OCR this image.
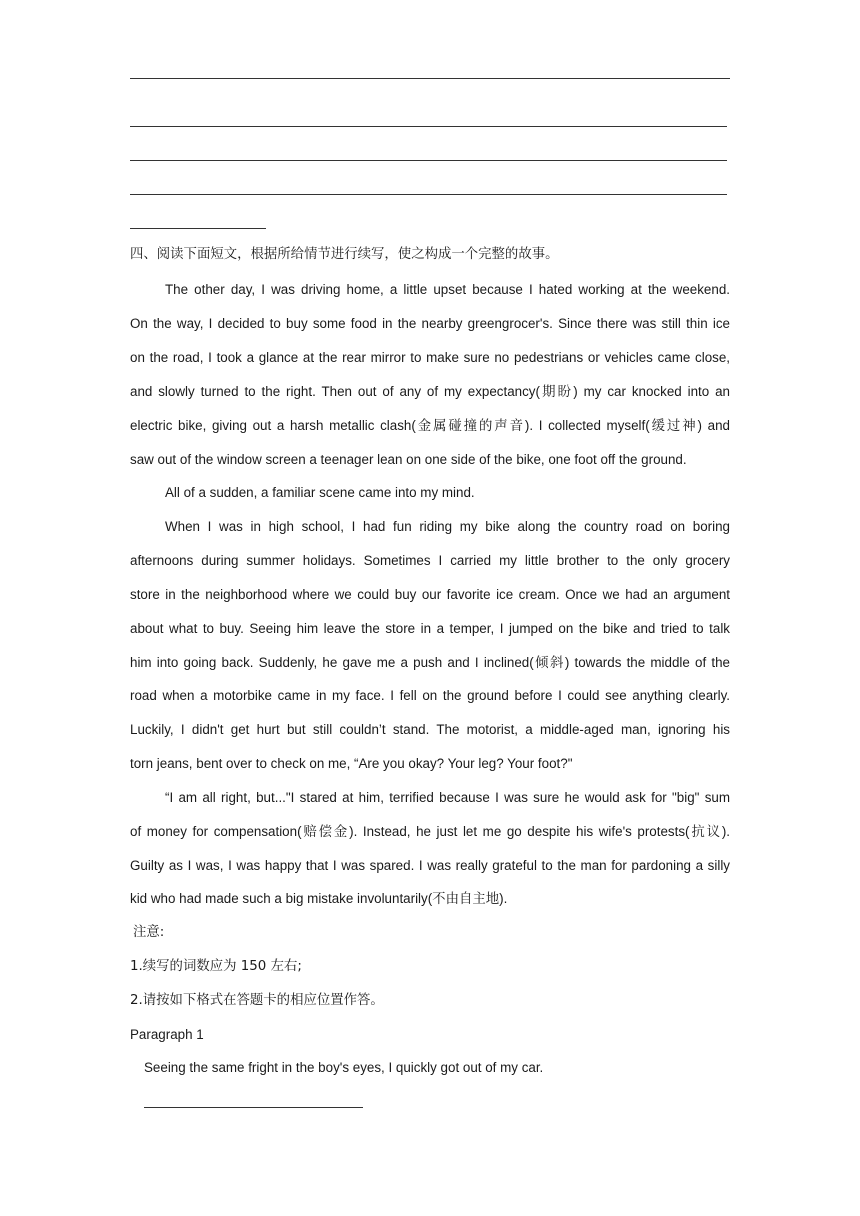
四、阅读下面短文，根据所给情节进行续写，使之构成一个完整的故事。
The other day, I was driving home, a little upset because I hated working at the weekend.
On the way, I decided to buy some food in the nearby greengrocer's. Since there was still thin ice
on the road, I took a glance at the rear mirror to make sure no pedestrians or vehicles came close,
and slowly turned to the right. Then out of any of my expectancy(期盼) my car knocked into an
electric bike, giving out a harsh metallic clash(金属碰撞的声音). I collected myself(缓过神) and
saw out of the window screen a teenager lean on one side of the bike, one foot off the ground.
All of a sudden, a familiar scene came into my mind.
When I was in high school, I had fun riding my bike along the country road on boring
afternoons during summer holidays. Sometimes I carried my little brother to the only grocery
store in the neighborhood where we could buy our favorite ice cream. Once we had an argument
about what to buy. Seeing him leave the store in a temper, I jumped on the bike and tried to talk
him into going back. Suddenly, he gave me a push and I inclined(倾斜) towards the middle of the
road when a motorbike came in my face. I fell on the ground before I could see anything clearly.
Luckily, I didn't get hurt but still couldn’t stand. The motorist, a middle-aged man, ignoring his
torn jeans, bent over to check on me, “Are you okay? Your leg? Your foot?"
“I am all right, but..."I stared at him, terrified because I was sure he would ask for "big" sum
of money for compensation(赔偿金). Instead, he just let me go despite his wife's protests(抗议).
Guilty as I was, I was happy that I was spared. I was really grateful to the man for pardoning a silly
kid who had made such a big mistake involuntarily(不由自主地).
注意:
1.续写的词数应为 150 左右;
2.请按如下格式在答题卡的相应位置作答。
Paragraph 1
Seeing the same fright in the boy's eyes, I quickly got out of my car.
